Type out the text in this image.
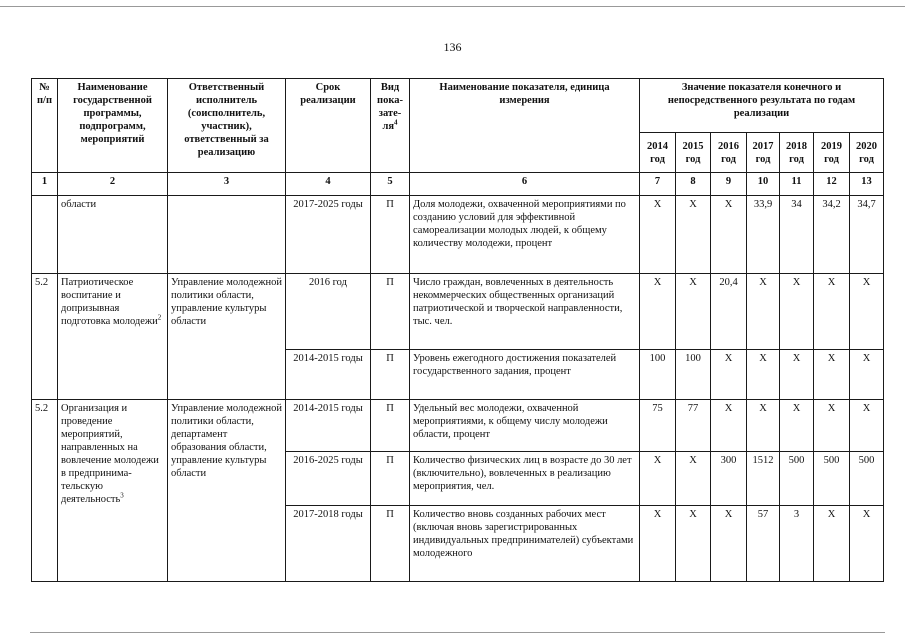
136
№ п/п	Наименование государственной программы, подпрограмм, мероприятий	Ответственный исполнитель (соисполнитель, участник), ответственный за реализацию	Срок реализации	Вид пока-$зате-ля^4$	Наименование показателя, единица измерения	Значение показателя конечного и непосредственного результата по годам реализации						
						2014 год	2015 год	2016 год	2017 год	2018 год	2019 год	2020 год
1	2	3	4	5	6	7	8	9	10	11	12	13
	области		2017-2025 годы	П	Доля молодежи, охваченной мероприятиями по созданию условий для эффективной самореализации молодых людей, к общему количеству молодежи, процент	Х	Х	Х	33,9	34	34,2	34,7
5.2	Патриотическое воспитание и допризывная подготовка молодежи$^2$	Управление молодежной политики области, управление культуры области	2016 год	П	Число граждан, вовлеченных в деятельность некоммерческих общественных организаций патриотической и творческой направленности, тыс. чел.	Х	Х	20,4	Х	Х	Х	Х
			2014-2015 годы	П	Уровень ежегодного достижения показателей государственного задания, процент	100	100	Х	Х	Х	Х	Х
5.2	Организация и проведение мероприятий, направленных на вовлечение молодежи в предпринима-тельскую деятельность$^3$	Управление молодежной политики области, департамент образования области, управление культуры области	2014-2015 годы	П	Удельный вес молодежи, охваченной мероприятиями, к общему числу молодежи области, процент	75	77	Х	Х	Х	Х	Х
			2016-2025 годы	П	Количество физических лиц в возрасте до 30 лет (включительно), вовлеченных в реализацию мероприятия, чел.	Х	Х	300	1512	500	500	500
			2017-2018 годы	П	Количество вновь созданных рабочих мест (включая вновь зарегистрированных индивидуальных предпринимателей) субъектами молодежного	Х	Х	Х	57	3	Х	Х
